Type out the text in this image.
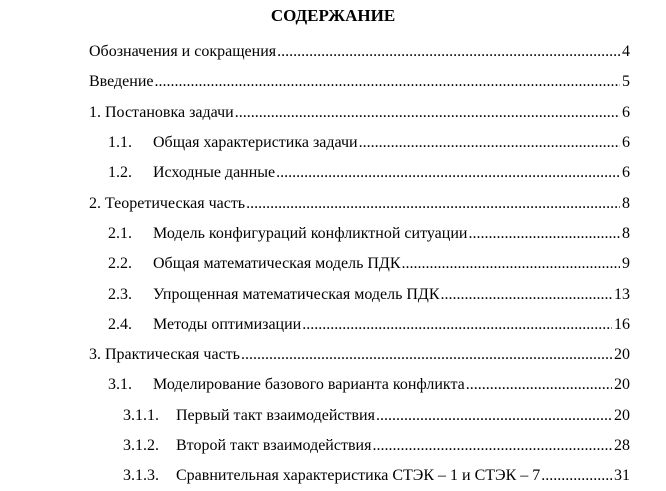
СОДЕРЖАНИЕ
Обозначения и сокращения .....	4
Введение .....	5
1. Постановка задачи .....	6
1.1.	Общая характеристика задачи .....	6
1.2.	Исходные данные .....	6
2. Теоретическая часть .....	8
2.1.	Модель конфигураций конфликтной ситуации .....	8
2.2.	Общая математическая модель ПДК .....	9
2.3.	Упрощенная математическая модель ПДК .....	13
2.4.	Методы оптимизации .....	16
3. Практическая часть .....	20
3.1.	Моделирование базового варианта конфликта .....	20
3.1.1.	Первый такт взаимодействия .....	20
3.1.2.	Второй такт взаимодействия .....	28
3.1.3.	Сравнительная характеристика СТЭК – 1 и СТЭК – 7 .....	31
